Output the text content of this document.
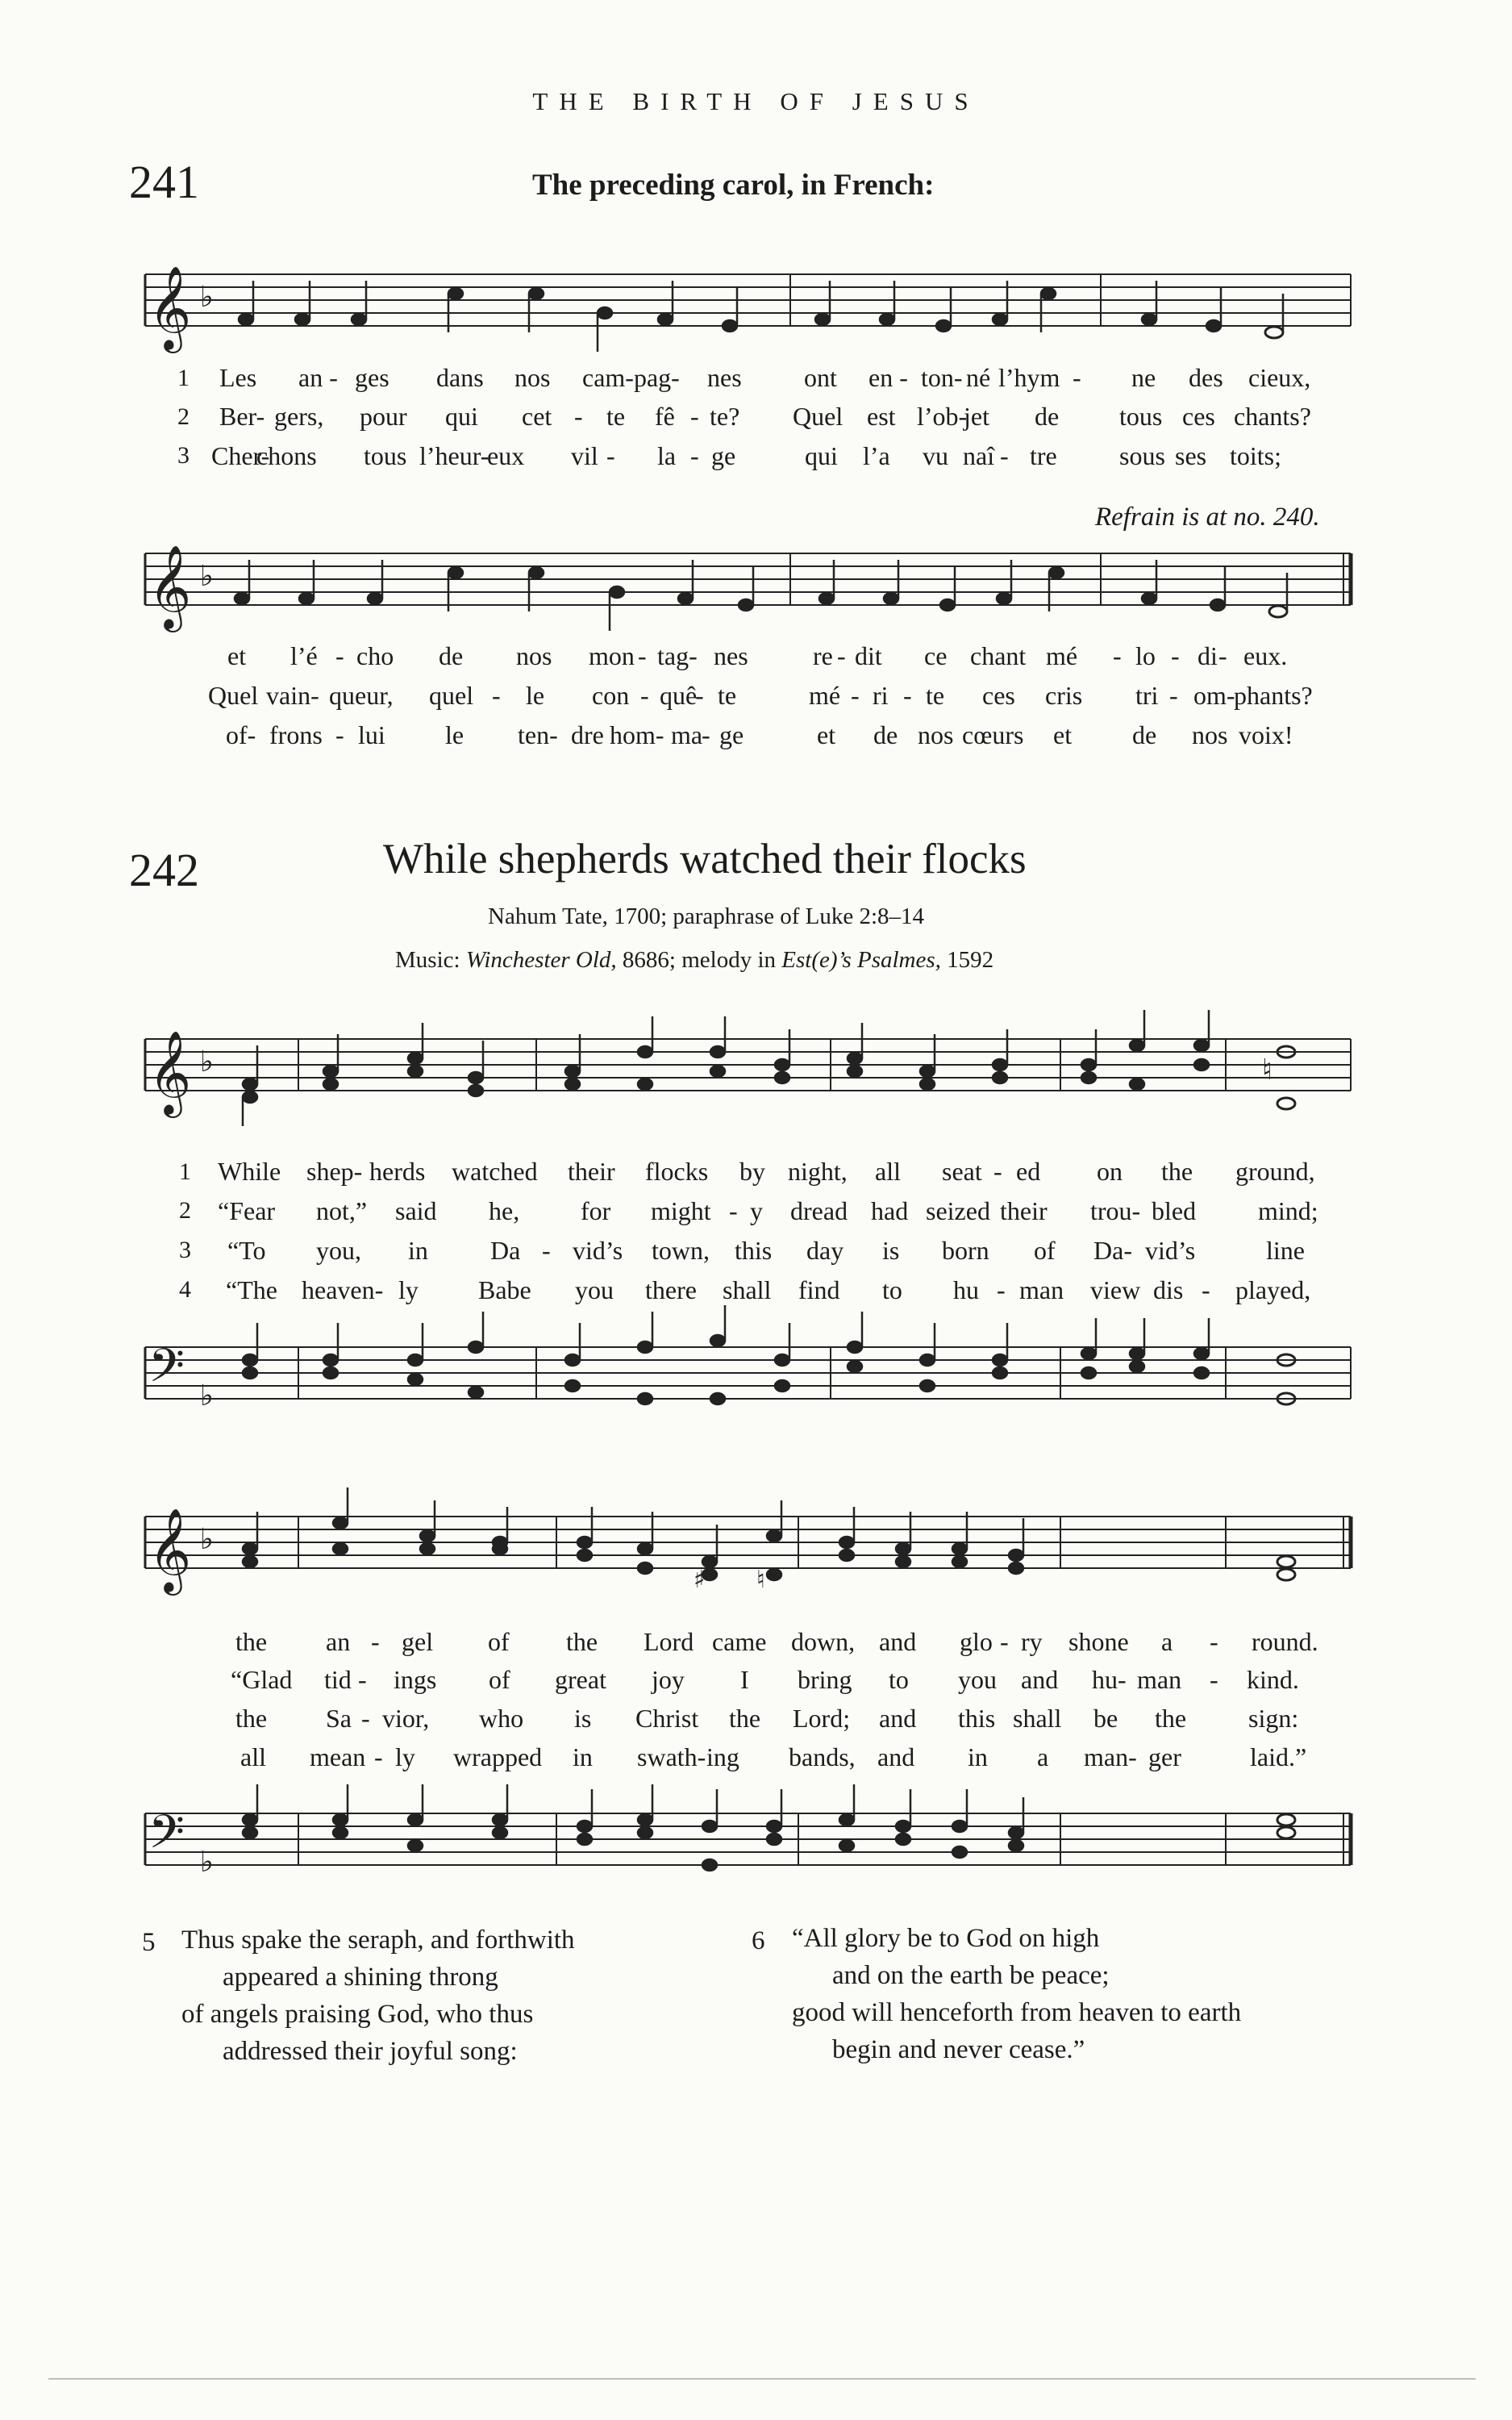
THE BIRTH OF JESUS
241	The preceding carol, in French:
𝄞 ♭
1
2
3
Les an - ges dans nos cam-pag- nes ont en - ton- né l’hym - ne des cieux,
Ber- gers, pour qui cet - te fê - te? Quel est l’ob-
jet de tous ces chants?
Cher-
chons tous l’heur-
eux vil - la - ge	qui l’a vu naî - tre sous ses toits;
Refrain is at no. 240.
𝄞 ♭
et l’é - cho de nos mon - tag- nes	re - dit ce chant mé - lo - di - eux.
Quel vain- queur, quel - le con - quê
- te	mé - ri - te ces cris tri - om-
phants?
of- frons - lui le ten- dre hom- ma
- ge	et de nos cœurs et de nos voix!
242	While shepherds watched their flocks
Nahum Tate, 1700; paraphrase of Luke 2:8–14
Music: Winchester Old, 8686; melody in Est(e)’s Psalmes, 1592
𝄞 ♭	♮
1
2
3
4
While shep- herds watched their flocks by night, all seat - ed on the ground,
“Fear not,” said he, for might - y dread had seized their trou- bled mind;
“To you, in Da - vid’s town, this day is born of Da- vid’s	line
“The heaven- ly Babe you there shall find to hu - man view dis - played,
𝄢 ♭
𝄞 ♭
♯ ♮
the an - gel of the Lord came down, and glo - ry shone a - round.
“Glad tid - ings of great joy I bring to you and hu- man - kind.
the Sa - vior, who is Christ the Lord; and this shall be the sign:
all mean - ly wrapped in swath- ing bands, and in a man- ger	laid.”
𝄢 ♭
5 Thus spake the seraph, and forthwith
appeared a shining throng
of angels praising God, who thus
addressed their joyful song:
6 “All glory be to God on high
and on the earth be peace;
good will henceforth from heaven to earth
begin and never cease.”
